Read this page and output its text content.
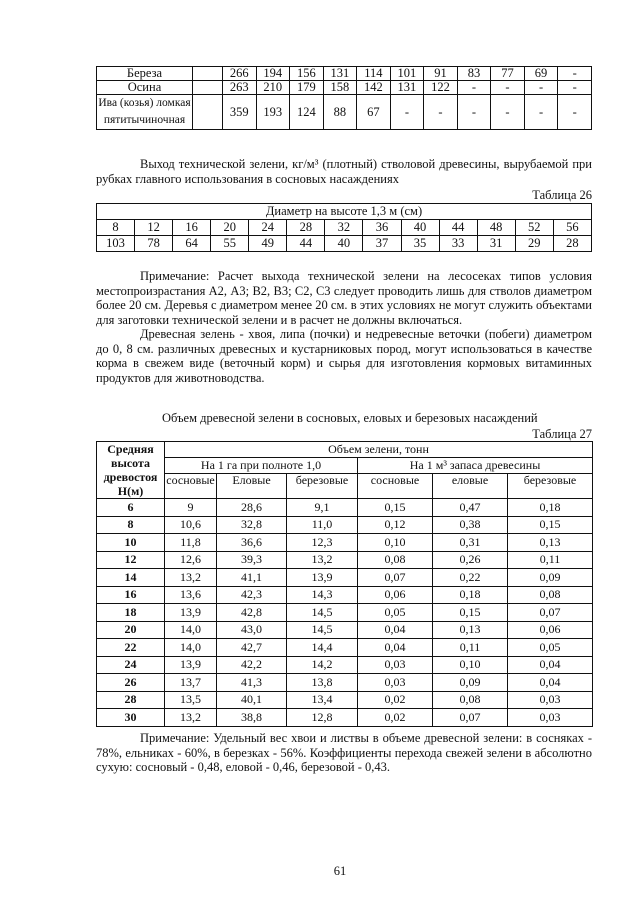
Береза		266	194	156	131	114	101	91	83	77	69	-
Осина		263	210	179	158	142	131	122	-	-	-	-
Ива (козья) ломкая пятитычиночная		359	193	124	88	67	-	-	-	-	-	-
Выход технической зелени, кг/м³ (плотный) стволовой древесины, вырубаемой при рубках главного использования в сосновых насаждениях
Таблица 26
Диаметр на высоте 1,3 м (см)												
8	12	16	20	24	28	32	36	40	44	48	52	56
103	78	64	55	49	44	40	37	35	33	31	29	28
Примечание: Расчет выхода технической зелени на лесосеках типов условия местопроизрастания А2, А3; В2, В3; С2, С3 следует проводить лишь для стволов диаметром более 20 см. Деревья с диаметром менее 20 см. в этих условиях не могут служить объектами для заготовки технической зелени и в расчет не должны включаться.
Древесная зелень - хвоя, липа (почки) и недревесные веточки (побеги) диаметром до 0, 8 см. различных древесных и кустарниковых пород, могут использоваться в качестве корма в свежем виде (веточный корм) и сырья для изготовления кормовых витаминных продуктов для животноводства.
Объем древесной зелени в сосновых, еловых и березовых насаждений
Таблица 27
Средняя высота древостоя Н(м)	Объем зелени, тонн					
	На 1 га при полноте 1,0			На 1 м³ запаса древесины		
	сосновые	Еловые	березовые	сосновые	еловые	березовые
6	9	28,6	9,1	0,15	0,47	0,18
8	10,6	32,8	11,0	0,12	0,38	0,15
10	11,8	36,6	12,3	0,10	0,31	0,13
12	12,6	39,3	13,2	0,08	0,26	0,11
14	13,2	41,1	13,9	0,07	0,22	0,09
16	13,6	42,3	14,3	0,06	0,18	0,08
18	13,9	42,8	14,5	0,05	0,15	0,07
20	14,0	43,0	14,5	0,04	0,13	0,06
22	14,0	42,7	14,4	0,04	0,11	0,05
24	13,9	42,2	14,2	0,03	0,10	0,04
26	13,7	41,3	13,8	0,03	0,09	0,04
28	13,5	40,1	13,4	0,02	0,08	0,03
30	13,2	38,8	12,8	0,02	0,07	0,03
Примечание: Удельный вес хвои и листвы в объеме древесной зелени: в сосняках - 78%, ельниках - 60%, в березках - 56%. Коэффициенты перехода свежей зелени в абсолютно сухую: сосновый - 0,48, еловой - 0,46, березовой - 0,43.
61
